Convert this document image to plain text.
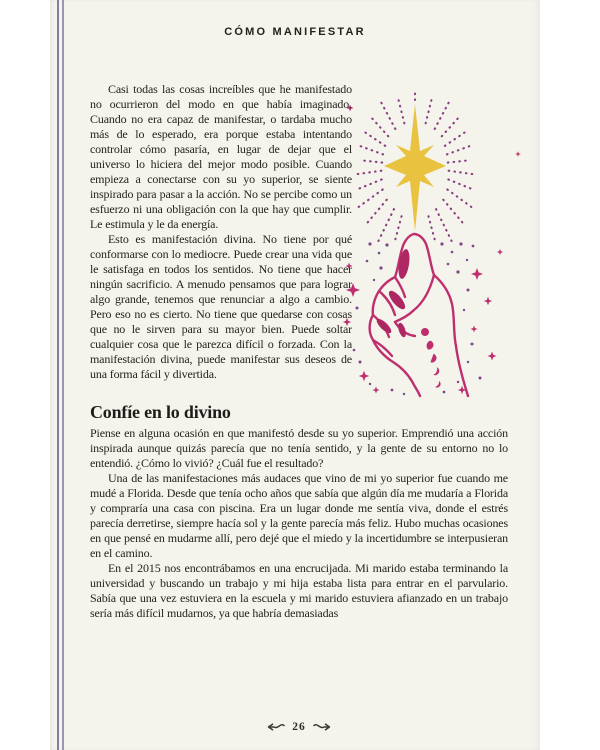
CÓMO MANIFESTAR

Casi todas las cosas increíbles que he manifestado no ocurrieron del modo en que había imaginado. Cuando no era capaz de manifestar, o tardaba mucho más de lo esperado, era porque estaba intentando controlar cómo pasaría, en lugar de dejar que el universo lo hiciera del mejor modo posible. Cuando empieza a conectarse con su yo superior, se siente inspirado para pasar a la acción. No se percibe como un esfuerzo ni una obligación con la que hay que cumplir. Le estimula y le da energía.

Esto es manifestación divina. No tiene por qué conformarse con lo mediocre. Puede crear una vida que le satisfaga en todos los sentidos. No tiene que hacer ningún sacrificio. A menudo pensamos que para lograr algo grande, tenemos que renunciar a algo a cambio. Pero eso no es cierto. No tiene que quedarse con cosas que no le sirven para su mayor bien. Puede soltar cualquier cosa que le parezca difícil o forzada. Con la manifestación divina, puede manifestar sus deseos de una forma fácil y divertida.

Confíe en lo divino

Piense en alguna ocasión en que manifestó desde su yo superior. Emprendió una acción inspirada aunque quizás parecía que no tenía sentido, y la gente de su entorno no lo entendió. ¿Cómo lo vivió? ¿Cuál fue el resultado?

Una de las manifestaciones más audaces que vino de mi yo superior fue cuando me mudé a Florida. Desde que tenía ocho años que sabía que algún día me mudaría a Florida y compraría una casa con piscina. Era un lugar donde me sentía viva, donde el estrés parecía derretirse, siempre hacía sol y la gente parecía más feliz. Hubo muchas ocasiones en que pensé en mudarme allí, pero dejé que el miedo y la incertidumbre se interpusieran en el camino.

En el 2015 nos encontrábamos en una encrucijada. Mi marido estaba terminando la universidad y buscando un trabajo y mi hija estaba lista para entrar en el parvulario. Sabía que una vez estuviera en la escuela y mi marido estuviera afianzado en un trabajo sería más difícil mudarnos, ya que habría demasiadas

26
